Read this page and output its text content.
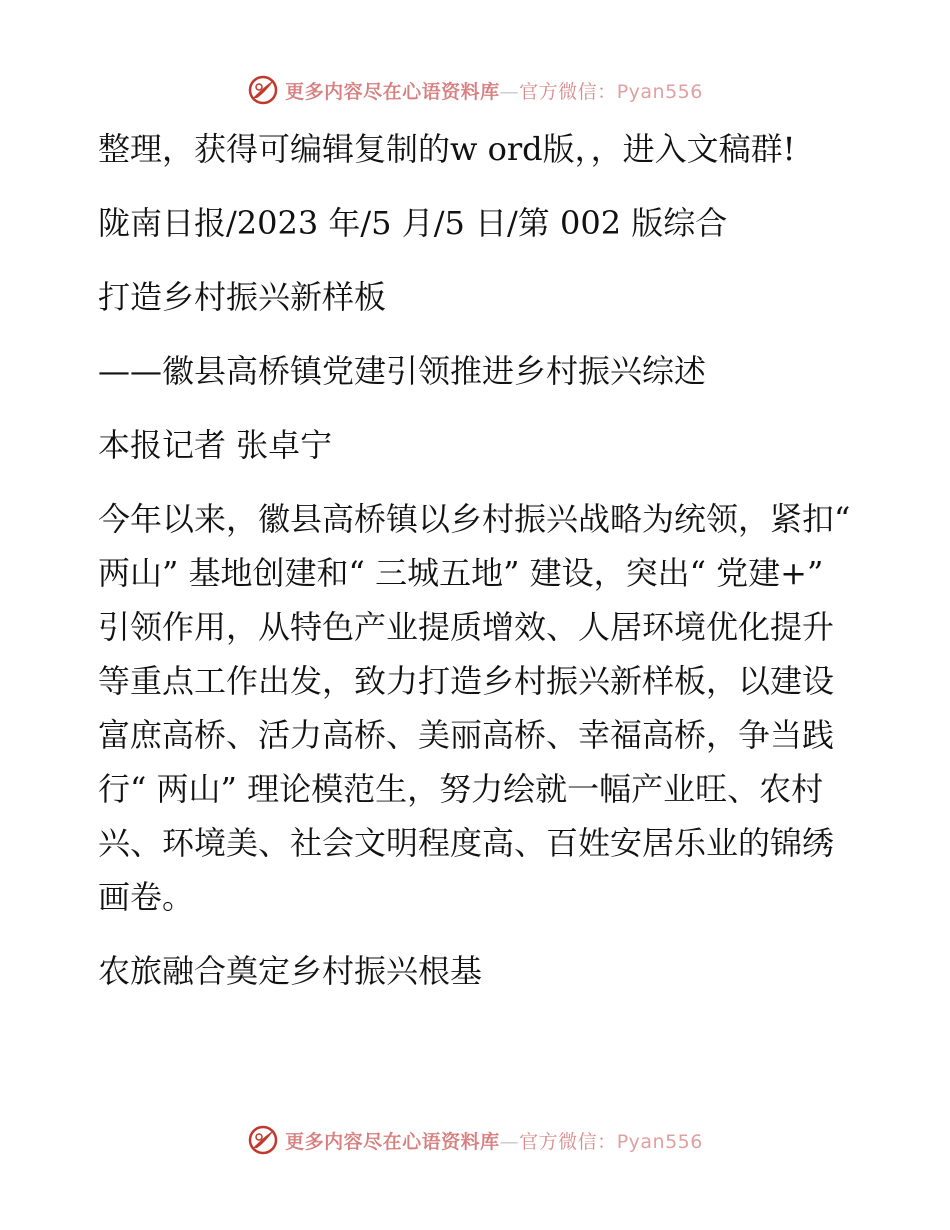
更多内容尽在心语资料库—官方微信：Pyan556

整理，获得可编辑复制的w ord版，，进入文稿群!

陇南日报/2023 年/5 月/5 日/第 002 版综合

打造乡村振兴新样板

——徽县高桥镇党建引领推进乡村振兴综述

本报记者 张卓宁

今年以来，徽县高桥镇以乡村振兴战略为统领，紧扣“ 两山” 基地创建和“ 三城五地” 建设，突出“ 党建+” 引领作用，从特色产业提质增效、人居环境优化提升等重点工作出发，致力打造乡村振兴新样板，以建设富庶高桥、活力高桥、美丽高桥、幸福高桥，争当践行“ 两山” 理论模范生，努力绘就一幅产业旺、农村兴、环境美、社会文明程度高、百姓安居乐业的锦绣画卷。

农旅融合奠定乡村振兴根基

更多内容尽在心语资料库—官方微信：Pyan556
